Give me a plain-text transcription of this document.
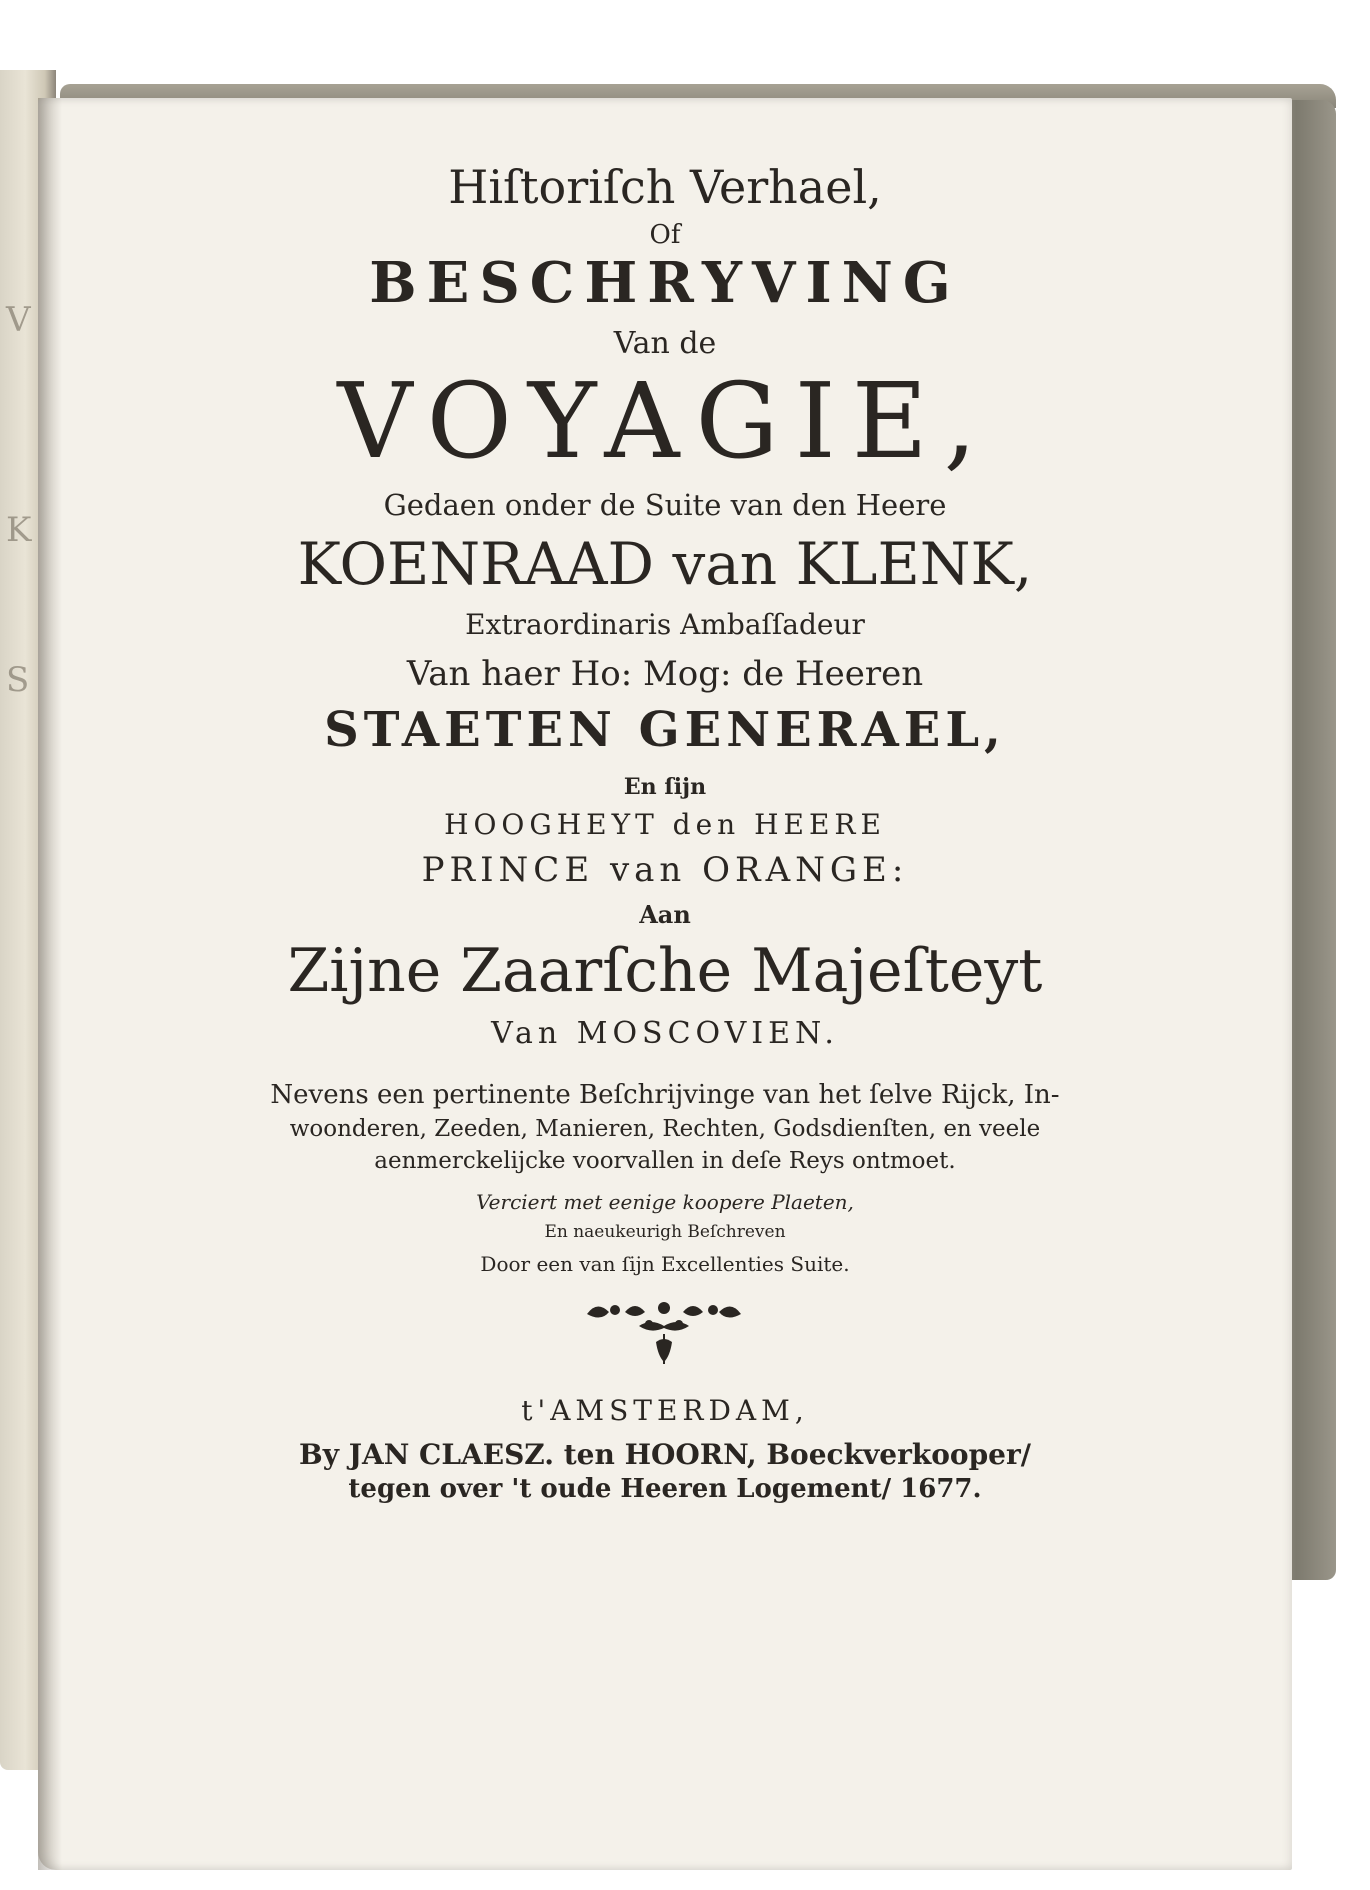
V
K
S
Hiſtoriſch Verhael,
Of
BESCHRYVING
Van de
VOYAGIE,
Gedaen onder de Suite van den Heere
KOENRAAD van KLENK,
Extraordinaris Ambaſſadeur
Van haer Ho: Mog: de Heeren
STAETEN GENERAEL,
En ſijn
HOOGHEYT den HEERE
PRINCE van ORANGE:
Aan
Zijne Zaarſche Majeſteyt
Van MOSCOVIEN.
Nevens een pertinente Beſchrijvinge van het ſelve Rijck, In-
woonderen, Zeeden, Manieren, Rechten, Godsdienſten, en veele
aenmerckelijcke voorvallen in deſe Reys ontmoet.
Verciert met eenige koopere Plaeten,
En naeukeurigh Beſchreven
Door een van ſijn Excellenties Suite.
t'AMSTERDAM,
By JAN CLAESZ. ten HOORN, Boeckverkooper/
tegen over 't oude Heeren Logement/ 1677.
